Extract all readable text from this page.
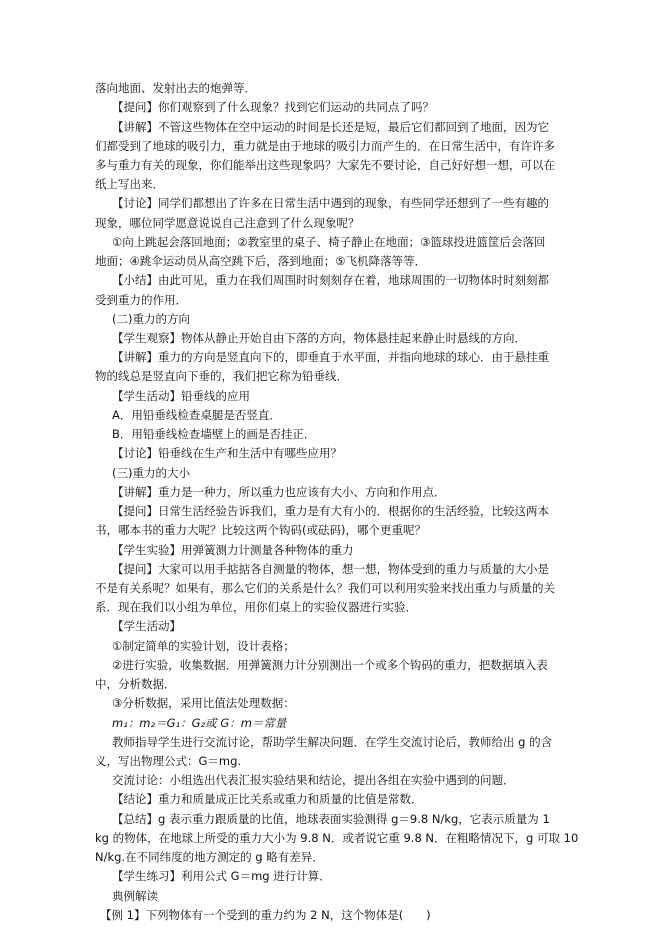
落向地面、发射出去的炮弹等．
【提问】你们观察到了什么现象？找到它们运动的共同点了吗？
【讲解】不管这些物体在空中运动的时间是长还是短，最后它们都回到了地面，因为它
们都受到了地球的吸引力，重力就是由于地球的吸引力而产生的．在日常生活中，有许许多
多与重力有关的现象，你们能举出这些现象吗？大家先不要讨论，自己好好想一想，可以在
纸上写出来．
【讨论】同学们都想出了许多在日常生活中遇到的现象，有些同学还想到了一些有趣的
现象，哪位同学愿意说说自己注意到了什么现象呢？
①向上跳起会落回地面；②教室里的桌子、椅子静止在地面；③篮球投进篮筐后会落回
地面；④跳伞运动员从高空跳下后，落到地面；⑤飞机降落等等．
【小结】由此可见，重力在我们周围时时刻刻存在着，地球周围的一切物体时时刻刻都
受到重力的作用．
(二)重力的方向
【学生观察】物体从静止开始自由下落的方向，物体悬挂起来静止时悬线的方向．
【讲解】重力的方向是竖直向下的，即垂直于水平面，并指向地球的球心．由于悬挂重
物的线总是竖直向下垂的，我们把它称为铅垂线．
【学生活动】铅垂线的应用
A．用铅垂线检查桌腿是否竖直．
B．用铅垂线检查墙壁上的画是否挂正．
【讨论】铅垂线在生产和生活中有哪些应用？
(三)重力的大小
【讲解】重力是一种力，所以重力也应该有大小、方向和作用点．
【提问】日常生活经验告诉我们，重力是有大有小的．根据你的生活经验，比较这两本
书，哪本书的重力大呢？比较这两个钩码(或砝码)，哪个更重呢？
【学生实验】用弹簧测力计测量各种物体的重力
【提问】大家可以用手掂掂各自测量的物体，想一想，物体受到的重力与质量的大小是
不是有关系呢？如果有，那么它们的关系是什么？我们可以利用实验来找出重力与质量的关
系．现在我们以小组为单位，用你们桌上的实验仪器进行实验．
【学生活动】
①制定简单的实验计划，设计表格；
②进行实验，收集数据．用弹簧测力计分别测出一个或多个钩码的重力，把数据填入表
中，分析数据．
③分析数据，采用比值法处理数据：
m₁：m₂＝G₁：G₂或 G：m＝常量
教师指导学生进行交流讨论，帮助学生解决问题．在学生交流讨论后，教师给出 g 的含
义，写出物理公式：G＝mg.
交流讨论：小组选出代表汇报实验结果和结论，提出各组在实验中遇到的问题．
【结论】重力和质量成正比关系或重力和质量的比值是常数．
【总结】g 表示重力跟质量的比值，地球表面实验测得 g＝9.8 N/kg，它表示质量为 1
kg 的物体，在地球上所受的重力大小为 9.8 N．或者说它重 9.8 N．在粗略情况下，g 可取 10
N/kg.在不同纬度的地方测定的 g 略有差异．
【学生练习】利用公式 G＝mg 进行计算．
典例解读
【例 1】下列物体有一个受到的重力约为 2 N，这个物体是(　　)
